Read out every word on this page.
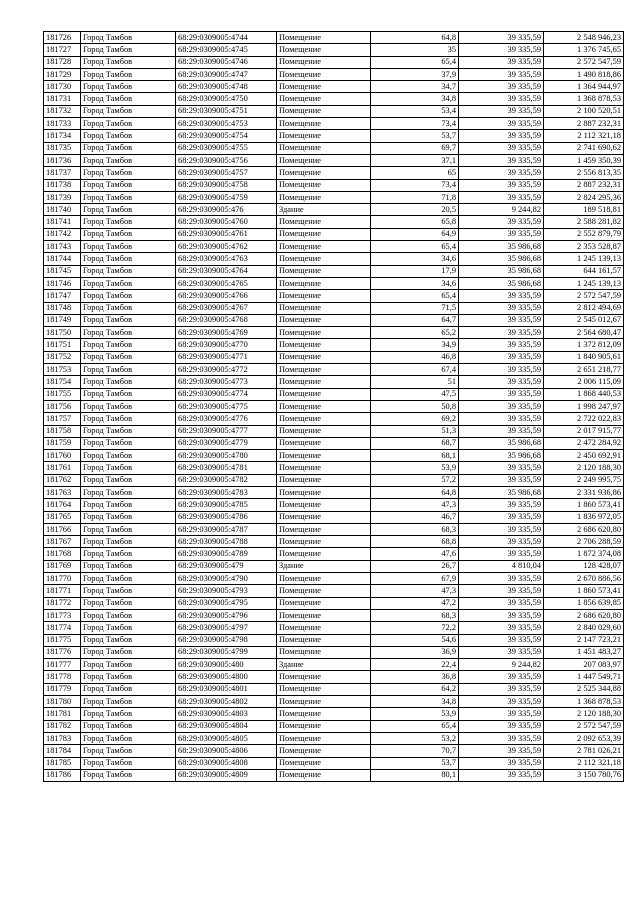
181726	Город Тамбов	68:29:0309005:4744	Помещение	64,8	39 335,59	2 548 946,23
181727	Город Тамбов	68:29:0309005:4745	Помещение	35	39 335,59	1 376 745,65
181728	Город Тамбов	68:29:0309005:4746	Помещение	65,4	39 335,59	2 572 547,59
181729	Город Тамбов	68:29:0309005:4747	Помещение	37,9	39 335,59	1 490 818,86
181730	Город Тамбов	68:29:0309005:4748	Помещение	34,7	39 335,59	1 364 944,97
181731	Город Тамбов	68:29:0309005:4750	Помещение	34,8	39 335,59	1 368 878,53
181732	Город Тамбов	68:29:0309005:4751	Помещение	53,4	39 335,59	2 100 520,51
181733	Город Тамбов	68:29:0309005:4753	Помещение	73,4	39 335,59	2 887 232,31
181734	Город Тамбов	68:29:0309005:4754	Помещение	53,7	39 335,59	2 112 321,18
181735	Город Тамбов	68:29:0309005:4755	Помещение	69,7	39 335,59	2 741 690,62
181736	Город Тамбов	68:29:0309005:4756	Помещение	37,1	39 335,59	1 459 350,39
181737	Город Тамбов	68:29:0309005:4757	Помещение	65	39 335,59	2 556 813,35
181738	Город Тамбов	68:29:0309005:4758	Помещение	73,4	39 335,59	2 887 232,31
181739	Город Тамбов	68:29:0309005:4759	Помещение	71,8	39 335,59	2 824 295,36
181740	Город Тамбов	68:29:0309005:476	Здание	20,5	9 244,82	189 518,81
181741	Город Тамбов	68:29:0309005:4760	Помещение	65,8	39 335,59	2 588 281,82
181742	Город Тамбов	68:29:0309005:4761	Помещение	64,9	39 335,59	2 552 879,79
181743	Город Тамбов	68:29:0309005:4762	Помещение	65,4	35 986,68	2 353 528,87
181744	Город Тамбов	68:29:0309005:4763	Помещение	34,6	35 986,68	1 245 139,13
181745	Город Тамбов	68:29:0309005:4764	Помещение	17,9	35 986,68	644 161,57
181746	Город Тамбов	68:29:0309005:4765	Помещение	34,6	35 986,68	1 245 139,13
181747	Город Тамбов	68:29:0309005:4766	Помещение	65,4	39 335,59	2 572 547,59
181748	Город Тамбов	68:29:0309005:4767	Помещение	71,5	39 335,59	2 812 494,69
181749	Город Тамбов	68:29:0309005:4768	Помещение	64,7	39 335,59	2 545 012,67
181750	Город Тамбов	68:29:0309005:4769	Помещение	65,2	39 335,59	2 564 680,47
181751	Город Тамбов	68:29:0309005:4770	Помещение	34,9	39 335,59	1 372 812,09
181752	Город Тамбов	68:29:0309005:4771	Помещение	46,8	39 335,59	1 840 905,61
181753	Город Тамбов	68:29:0309005:4772	Помещение	67,4	39 335,59	2 651 218,77
181754	Город Тамбов	68:29:0309005:4773	Помещение	51	39 335,59	2 006 115,09
181755	Город Тамбов	68:29:0309005:4774	Помещение	47,5	39 335,59	1 868 440,53
181756	Город Тамбов	68:29:0309005:4775	Помещение	50,8	39 335,59	1 998 247,97
181757	Город Тамбов	68:29:0309005:4776	Помещение	69,2	39 335,59	2 722 022,83
181758	Город Тамбов	68:29:0309005:4777	Помещение	51,3	39 335,59	2 017 915,77
181759	Город Тамбов	68:29:0309005:4779	Помещение	68,7	35 986,68	2 472 284,92
181760	Город Тамбов	68:29:0309005:4780	Помещение	68,1	35 986,68	2 450 692,91
181761	Город Тамбов	68:29:0309005:4781	Помещение	53,9	39 335,59	2 120 188,30
181762	Город Тамбов	68:29:0309005:4782	Помещение	57,2	39 335,59	2 249 995,75
181763	Город Тамбов	68:29:0309005:4783	Помещение	64,8	35 986,68	2 331 936,86
181764	Город Тамбов	68:29:0309005:4785	Помещение	47,3	39 335,59	1 860 573,41
181765	Город Тамбов	68:29:0309005:4786	Помещение	46,7	39 335,59	1 836 972,05
181766	Город Тамбов	68:29:0309005:4787	Помещение	68,3	39 335,59	2 686 620,80
181767	Город Тамбов	68:29:0309005:4788	Помещение	68,8	39 335,59	2 706 288,59
181768	Город Тамбов	68:29:0309005:4789	Помещение	47,6	39 335,59	1 872 374,08
181769	Город Тамбов	68:29:0309005:479	Здание	26,7	4 810,04	128 428,07
181770	Город Тамбов	68:29:0309005:4790	Помещение	67,9	39 335,59	2 670 886,56
181771	Город Тамбов	68:29:0309005:4793	Помещение	47,3	39 335,59	1 860 573,41
181772	Город Тамбов	68:29:0309005:4795	Помещение	47,2	39 335,59	1 856 639,85
181773	Город Тамбов	68:29:0309005:4796	Помещение	68,3	39 335,59	2 686 620,80
181774	Город Тамбов	68:29:0309005:4797	Помещение	72,2	39 335,59	2 840 029,60
181775	Город Тамбов	68:29:0309005:4798	Помещение	54,6	39 335,59	2 147 723,21
181776	Город Тамбов	68:29:0309005:4799	Помещение	36,9	39 335,59	1 451 483,27
181777	Город Тамбов	68:29:0309005:480	Здание	22,4	9 244,82	207 083,97
181778	Город Тамбов	68:29:0309005:4800	Помещение	36,8	39 335,59	1 447 549,71
181779	Город Тамбов	68:29:0309005:4801	Помещение	64,2	39 335,59	2 525 344,88
181780	Город Тамбов	68:29:0309005:4802	Помещение	34,8	39 335,59	1 368 878,53
181781	Город Тамбов	68:29:0309005:4803	Помещение	53,9	39 335,59	2 120 188,30
181782	Город Тамбов	68:29:0309005:4804	Помещение	65,4	39 335,59	2 572 547,59
181783	Город Тамбов	68:29:0309005:4805	Помещение	53,2	39 335,59	2 092 653,39
181784	Город Тамбов	68:29:0309005:4806	Помещение	70,7	39 335,59	2 781 026,21
181785	Город Тамбов	68:29:0309005:4808	Помещение	53,7	39 335,59	2 112 321,18
181786	Город Тамбов	68:29:0309005:4809	Помещение	80,1	39 335,59	3 150 780,76
